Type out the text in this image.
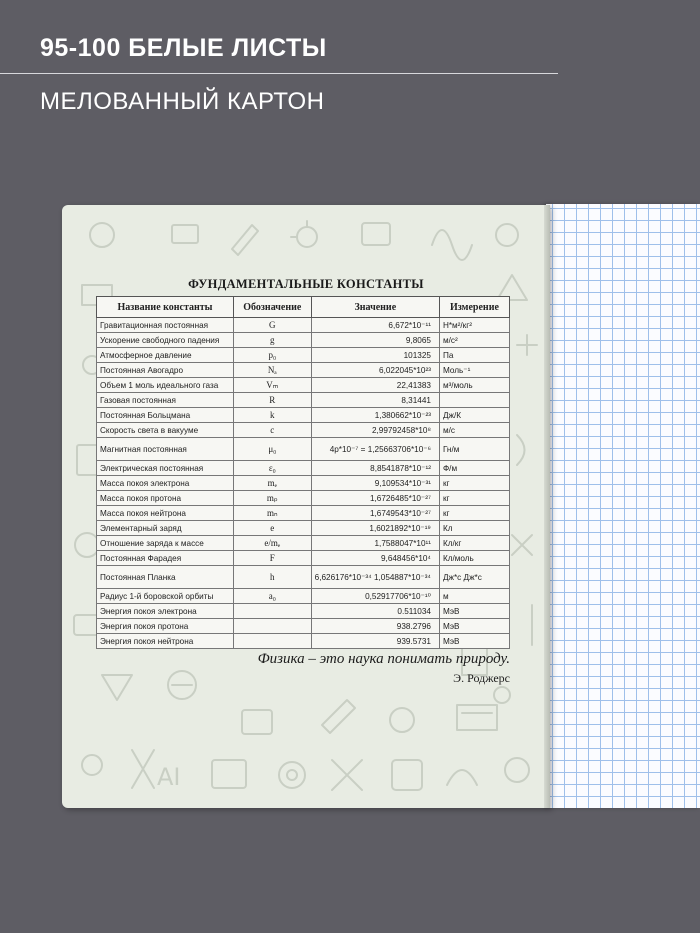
95-100 БЕЛЫЕ ЛИСТЫ
МЕЛОВАННЫЙ КАРТОН
AI
ФУНДАМЕНТАЛЬНЫЕ КОНСТАНТЫ
Название константы	Обозначение	Значение	Измерение
Гравитационная постоянная	G	6,672*10⁻¹¹	Н*м²/кг²
Ускорение свободного падения	g	9,8065	м/с²
Атмосферное давление	p₀	101325	Па
Постоянная Авогадро	Nₐ	6,022045*10²³	Моль⁻¹
Объем 1 моль идеального газа	Vₘ	22,41383	м³/моль
Газовая постоянная	R	8,31441	
Постоянная Больцмана	k	1,380662*10⁻²³	Дж/К
Скорость света в вакууме	c	2,99792458*10⁸	м/с
Магнитная постоянная	μ₀	4p*10⁻⁷ = 1,25663706*10⁻⁶	Гн/м
Электрическая постоянная	ε₀	8,8541878*10⁻¹²	Ф/м
Масса покоя электрона	mₑ	9,109534*10⁻³¹	кг
Масса покоя протона	mₚ	1,6726485*10⁻²⁷	кг
Масса покоя нейтрона	mₙ	1,6749543*10⁻²⁷	кг
Элементарный заряд	e	1,6021892*10⁻¹⁹	Кл
Отношение заряда к массе	e/mₑ	1,7588047*10¹¹	Кл/кг
Постоянная Фарадея	F	9,648456*10⁴	Кл/моль
Постоянная Планка	h	6,626176*10⁻³⁴ 1,054887*10⁻³⁴	Дж*с Дж*с
Радиус 1-й боровской орбиты	a₀	0,52917706*10⁻¹⁰	м
Энергия покоя электрона		0.511034	МэВ
Энергия покоя протона		938.2796	МэВ
Энергия покоя нейтрона		939.5731	МэВ
Физика – это наука понимать природу.
Э. Роджерс
